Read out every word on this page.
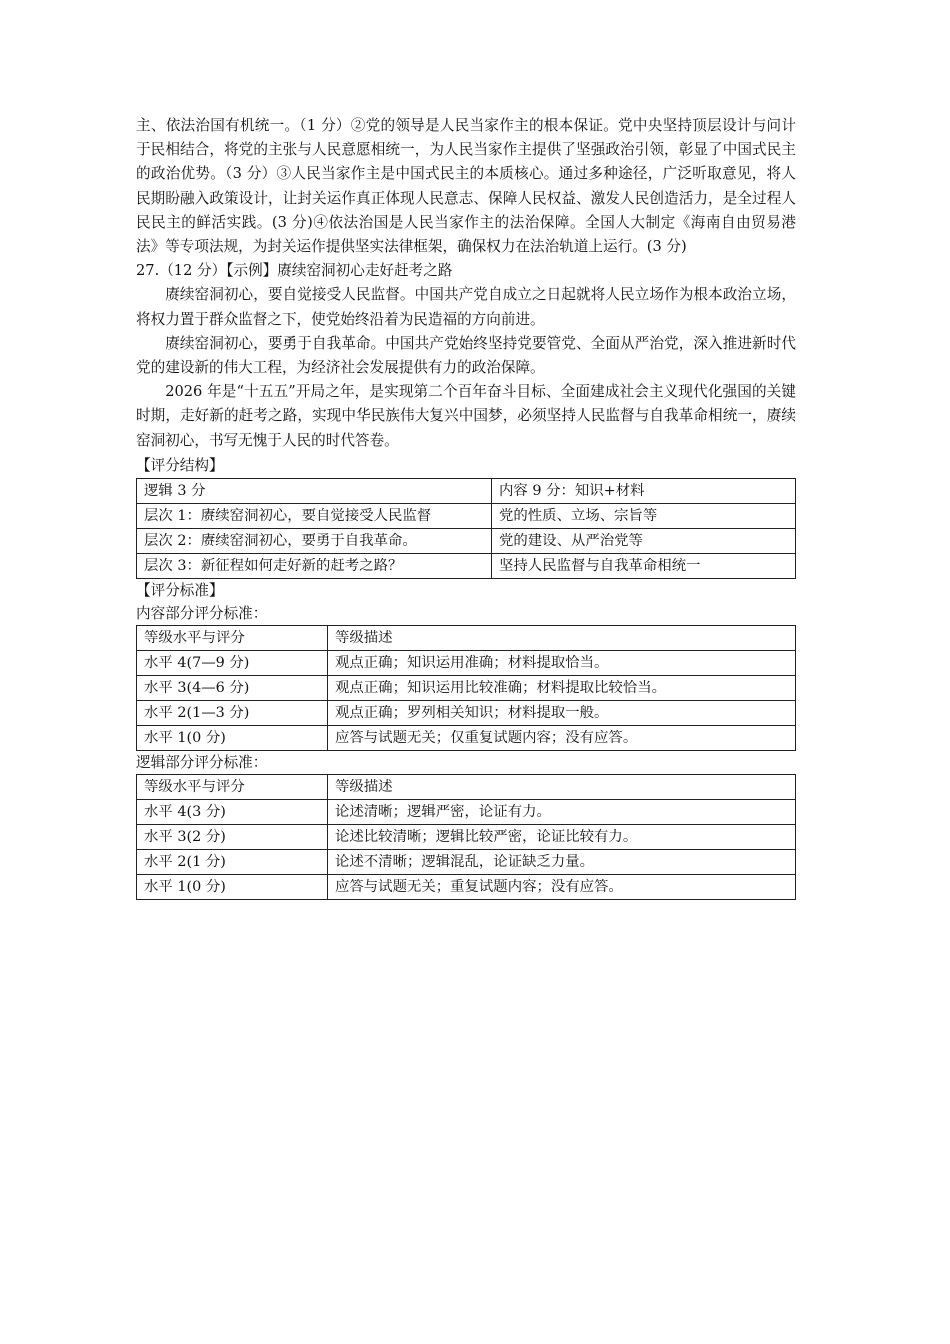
主、依法治国有机统一。（1 分）②党的领导是人民当家作主的根本保证。党中央坚持顶层设计与问计于民相结合，将党的主张与人民意愿相统一，为人民当家作主提供了坚强政治引领，彰显了中国式民主的政治优势。（3 分）③人民当家作主是中国式民主的本质核心。通过多种途径，广泛听取意见，将人民期盼融入政策设计，让封关运作真正体现人民意志、保障人民权益、激发人民创造活力，是全过程人民民主的鲜活实践。(3 分)④依法治国是人民当家作主的法治保障。全国人大制定《海南自由贸易港法》等专项法规，为封关运作提供坚实法律框架，确保权力在法治轨道上运行。(3 分)

27.（12 分）【示例】赓续窑洞初心走好赶考之路

赓续窑洞初心，要自觉接受人民监督。中国共产党自成立之日起就将人民立场作为根本政治立场，将权力置于群众监督之下，使党始终沿着为民造福的方向前进。

赓续窑洞初心，要勇于自我革命。中国共产党始终坚持党要管党、全面从严治党，深入推进新时代党的建设新的伟大工程，为经济社会发展提供有力的政治保障。

2026 年是“十五五”开局之年，是实现第二个百年奋斗目标、全面建成社会主义现代化强国的关键时期，走好新的赶考之路，实现中华民族伟大复兴中国梦，必须坚持人民监督与自我革命相统一，赓续窑洞初心，书写无愧于人民的时代答卷。

【评分结构】

逻辑 3 分	内容 9 分：知识+材料
层次 1：赓续窑洞初心，要自觉接受人民监督	党的性质、立场、宗旨等
层次 2：赓续窑洞初心，要勇于自我革命。	党的建设、从严治党等
层次 3：新征程如何走好新的赶考之路？	坚持人民监督与自我革命相统一

【评分标准】

内容部分评分标准：

等级水平与评分	等级描述
水平 4(7—9 分)	观点正确；知识运用准确；材料提取恰当。
水平 3(4—6 分)	观点正确；知识运用比较准确；材料提取比较恰当。
水平 2(1—3 分)	观点正确；罗列相关知识；材料提取一般。
水平 1(0 分)	应答与试题无关；仅重复试题内容；没有应答。

逻辑部分评分标准：

等级水平与评分	等级描述
水平 4(3 分)	论述清晰；逻辑严密，论证有力。
水平 3(2 分)	论述比较清晰；逻辑比较严密，论证比较有力。
水平 2(1 分)	论述不清晰；逻辑混乱，论证缺乏力量。
水平 1(0 分)	应答与试题无关；重复试题内容；没有应答。
